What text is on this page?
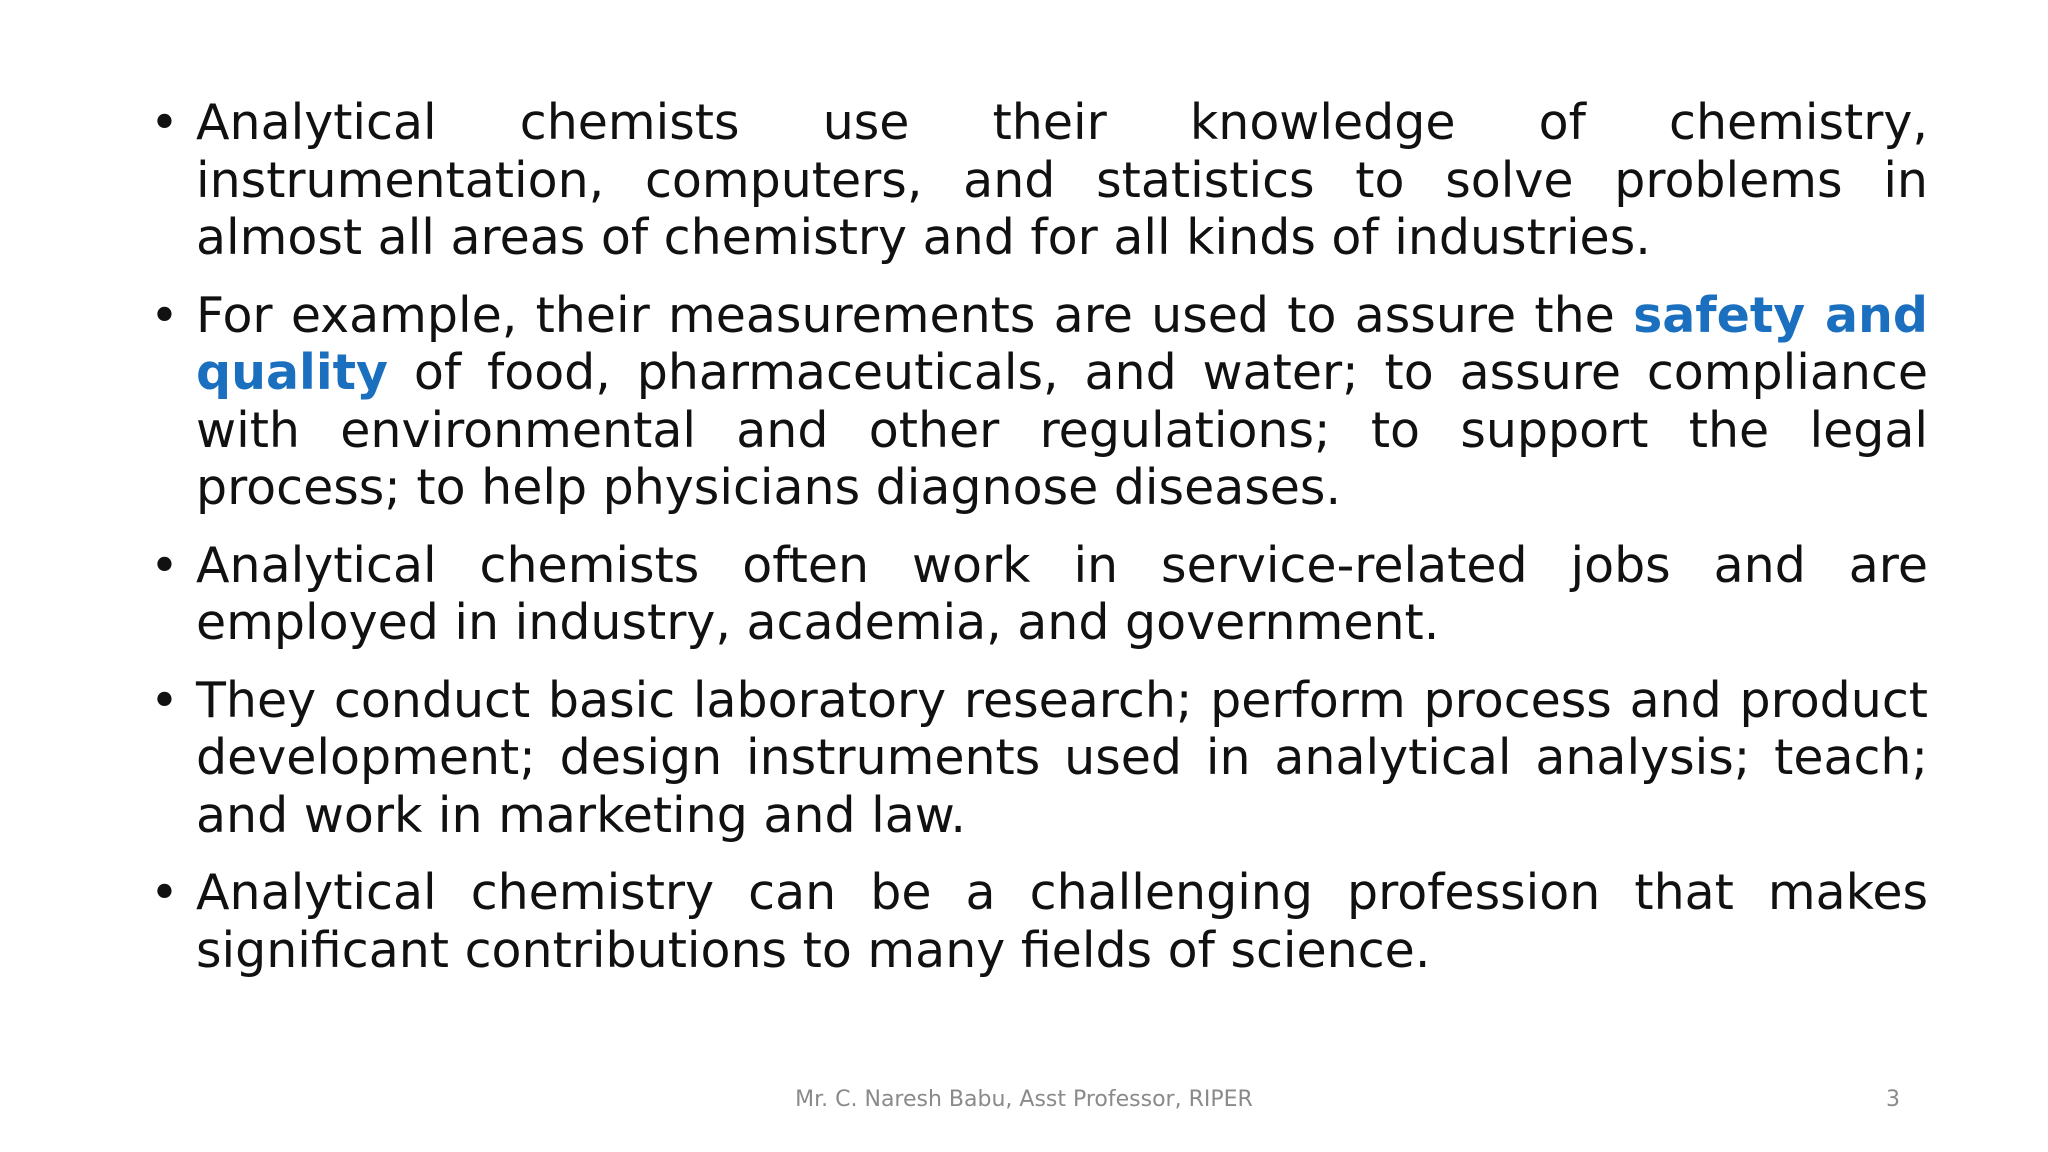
• Analytical chemists use their knowledge of chemistry, instrumentation, computers, and statistics to solve problems in almost all areas of chemistry and for all kinds of industries.
• For example, their measurements are used to assure the safety and quality of food, pharmaceuticals, and water; to assure compliance with environmental and other regulations; to support the legal process; to help physicians diagnose diseases.
• Analytical chemists often work in service-related jobs and are employed in industry, academia, and government.
• They conduct basic laboratory research; perform process and product development; design instruments used in analytical analysis; teach; and work in marketing and law.
• Analytical chemistry can be a challenging profession that makes significant contributions to many fields of science.
Mr. C. Naresh Babu, Asst Professor, RIPER	3
